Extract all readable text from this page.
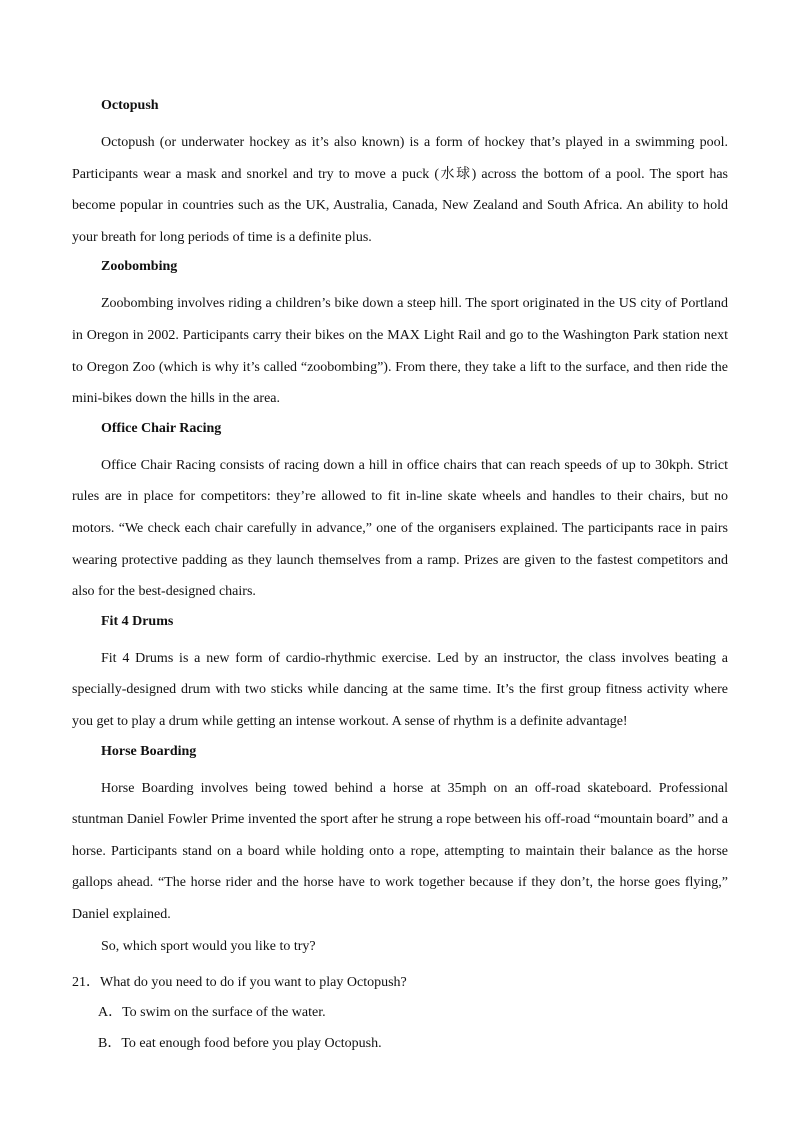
Octopush

Octopush (or underwater hockey as it’s also known) is a form of hockey that’s played in a swimming pool. Participants wear a mask and snorkel and try to move a puck (水球) across the bottom of a pool. The sport has become popular in countries such as the UK, Australia, Canada, New Zealand and South Africa. An ability to hold your breath for long periods of time is a definite plus.

Zoobombing

Zoobombing involves riding a children’s bike down a steep hill. The sport originated in the US city of Portland in Oregon in 2002. Participants carry their bikes on the MAX Light Rail and go to the Washington Park station next to Oregon Zoo (which is why it’s called “zoobombing”). From there, they take a lift to the surface, and then ride the mini-bikes down the hills in the area.

Office Chair Racing

Office Chair Racing consists of racing down a hill in office chairs that can reach speeds of up to 30kph. Strict rules are in place for competitors: they’re allowed to fit in-line skate wheels and handles to their chairs, but no motors. “We check each chair carefully in advance,” one of the organisers explained. The participants race in pairs wearing protective padding as they launch themselves from a ramp. Prizes are given to the fastest competitors and also for the best-designed chairs.

Fit 4 Drums

Fit 4 Drums is a new form of cardio-rhythmic exercise. Led by an instructor, the class involves beating a specially-designed drum with two sticks while dancing at the same time. It’s the first group fitness activity where you get to play a drum while getting an intense workout. A sense of rhythm is a definite advantage!

Horse Boarding

Horse Boarding involves being towed behind a horse at 35mph on an off-road skateboard. Professional stuntman Daniel Fowler Prime invented the sport after he strung a rope between his off-road “mountain board” and a horse. Participants stand on a board while holding onto a rope, attempting to maintain their balance as the horse gallops ahead. “The horse rider and the horse have to work together because if they don’t, the horse goes flying,” Daniel explained.

So, which sport would you like to try?

21．What do you need to do if you want to play Octopush?
A．To swim on the surface of the water.
B．To eat enough food before you play Octopush.
